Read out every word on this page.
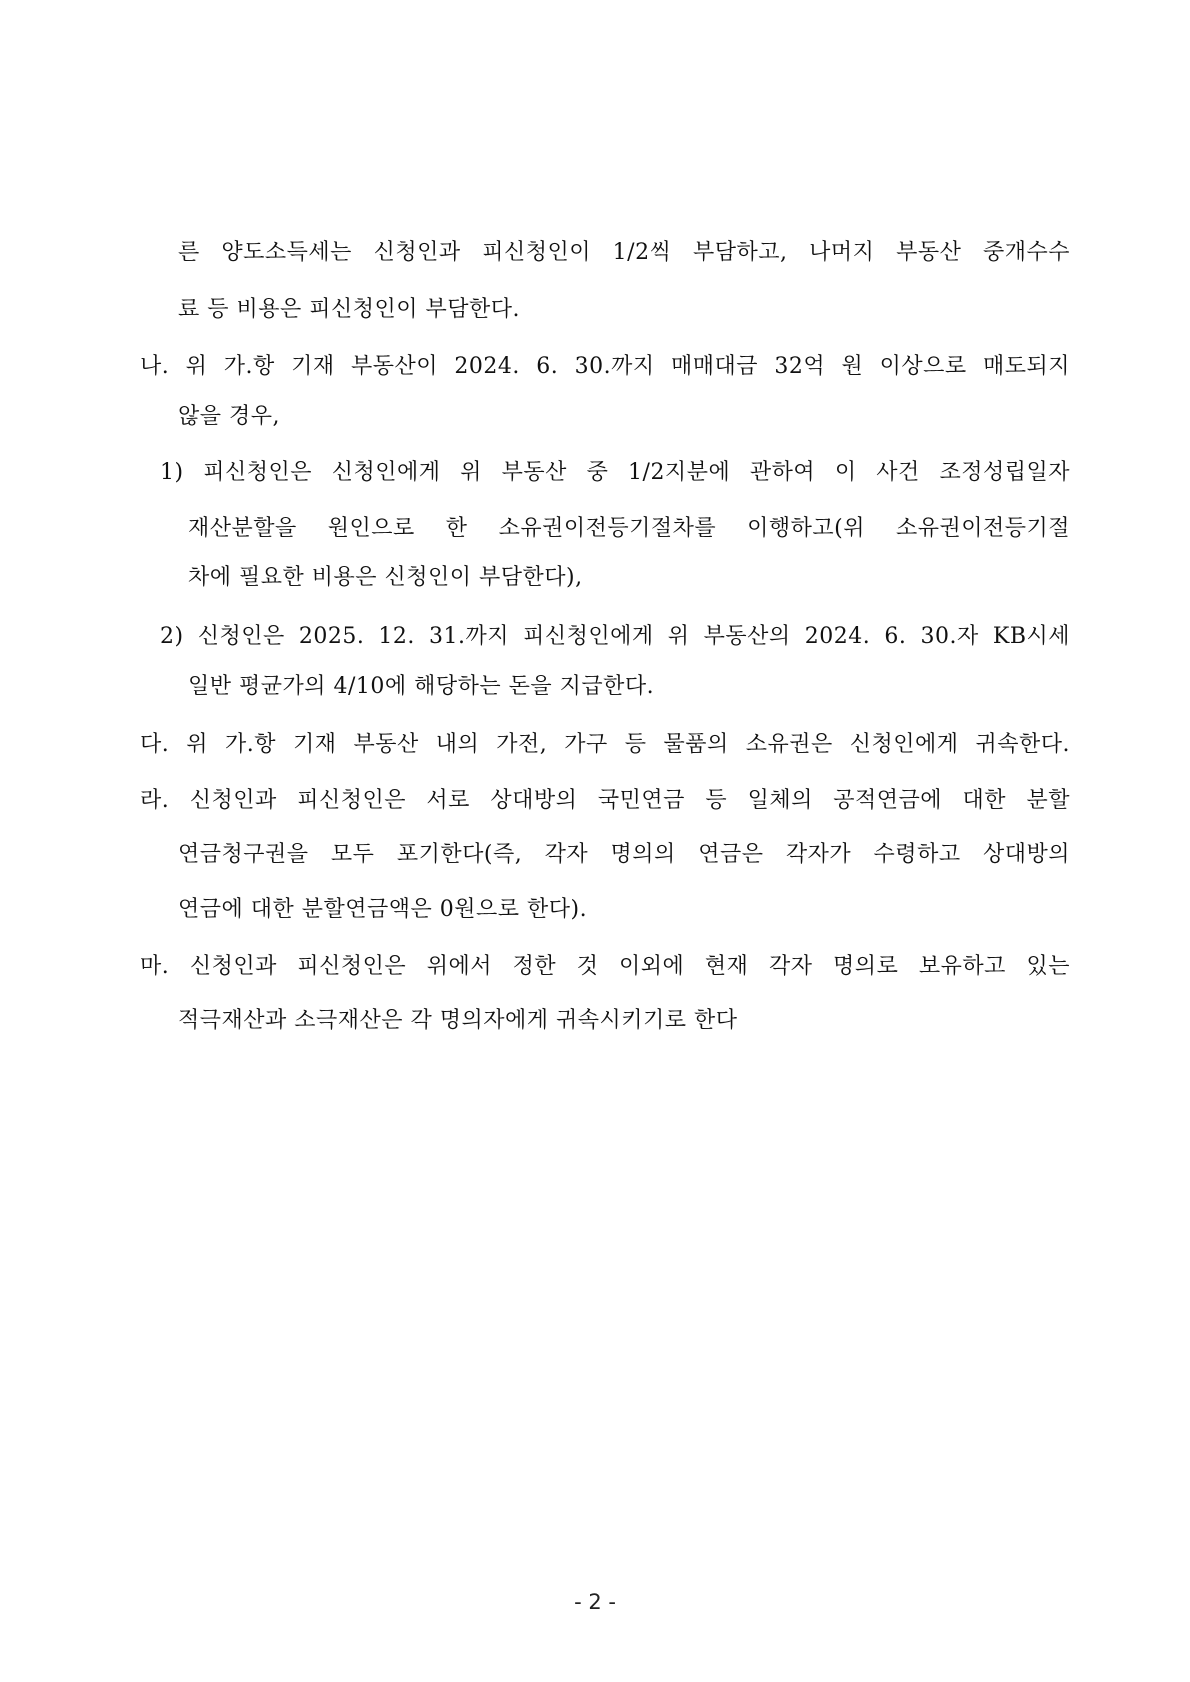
른 양도소득세는 신청인과 피신청인이 1/2씩 부담하고, 나머지 부동산 중개수수
료 등 비용은 피신청인이 부담한다.
나. 위 가.항 기재 부동산이 2024. 6. 30.까지 매매대금 32억 원 이상으로 매도되지
않을 경우,
1) 피신청인은 신청인에게 위 부동산 중 1/2지분에 관하여 이 사건 조정성립일자
재산분할을 원인으로 한 소유권이전등기절차를 이행하고(위 소유권이전등기절
차에 필요한 비용은 신청인이 부담한다),
2) 신청인은 2025. 12. 31.까지 피신청인에게 위 부동산의 2024. 6. 30.자 KB시세
일반 평균가의 4/10에 해당하는 돈을 지급한다.
다. 위 가.항 기재 부동산 내의 가전, 가구 등 물품의 소유권은 신청인에게 귀속한다.
라. 신청인과 피신청인은 서로 상대방의 국민연금 등 일체의 공적연금에 대한 분할
연금청구권을 모두 포기한다(즉, 각자 명의의 연금은 각자가 수령하고 상대방의
연금에 대한 분할연금액은 0원으로 한다).
마. 신청인과 피신청인은 위에서 정한 것 이외에 현재 각자 명의로 보유하고 있는
적극재산과 소극재산은 각 명의자에게 귀속시키기로 한다
- 2 -
